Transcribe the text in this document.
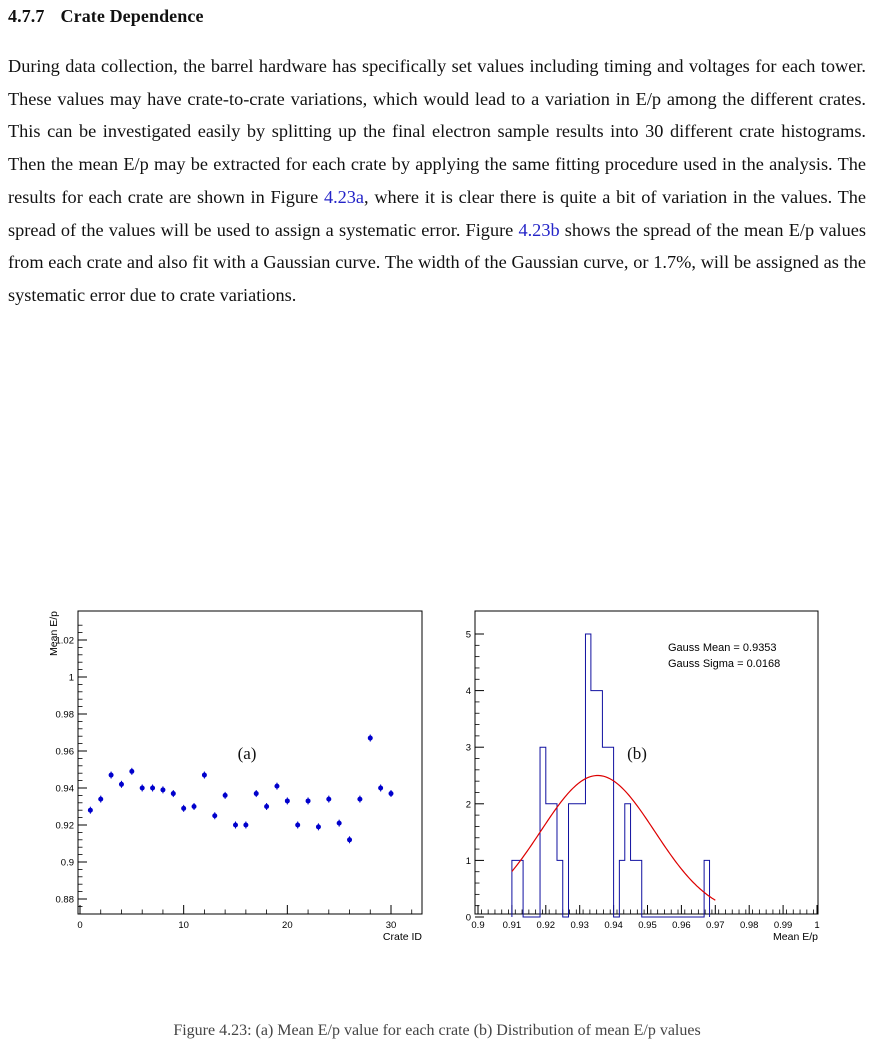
4.7.7 Crate Dependence

During data collection, the barrel hardware has specifically set values including timing and voltages for each tower. These values may have crate-to-crate variations, which would lead to a variation in E/p among the different crates. This can be investigated easily by splitting up the final electron sample results into 30 different crate histograms. Then the mean E/p may be extracted for each crate by applying the same fitting procedure used in the analysis. The results for each crate are shown in Figure 4.23a, where it is clear there is quite a bit of variation in the values. The spread of the values will be used to assign a systematic error. Figure 4.23b shows the spread of the mean E/p values from each crate and also fit with a Gaussian curve. The width of the Gaussian curve, or 1.7%, will be assigned as the systematic error due to crate variations.

0.88
0.9
0.92
0.94
0.96
0.98
1
1.02
0	10	20	30
Crate ID
Mean E/p
0
1
2
3
4
5
0.9 0.91 0.92 0.93 0.94 0.95 0.96 0.97 0.98 0.99 1
Mean E/p
Gauss Mean = 0.9353
Gauss Sigma = 0.0168
(a)	(b)
Figure 4.23: (a) Mean E/p value for each crate (b) Distribution of mean E/p values
